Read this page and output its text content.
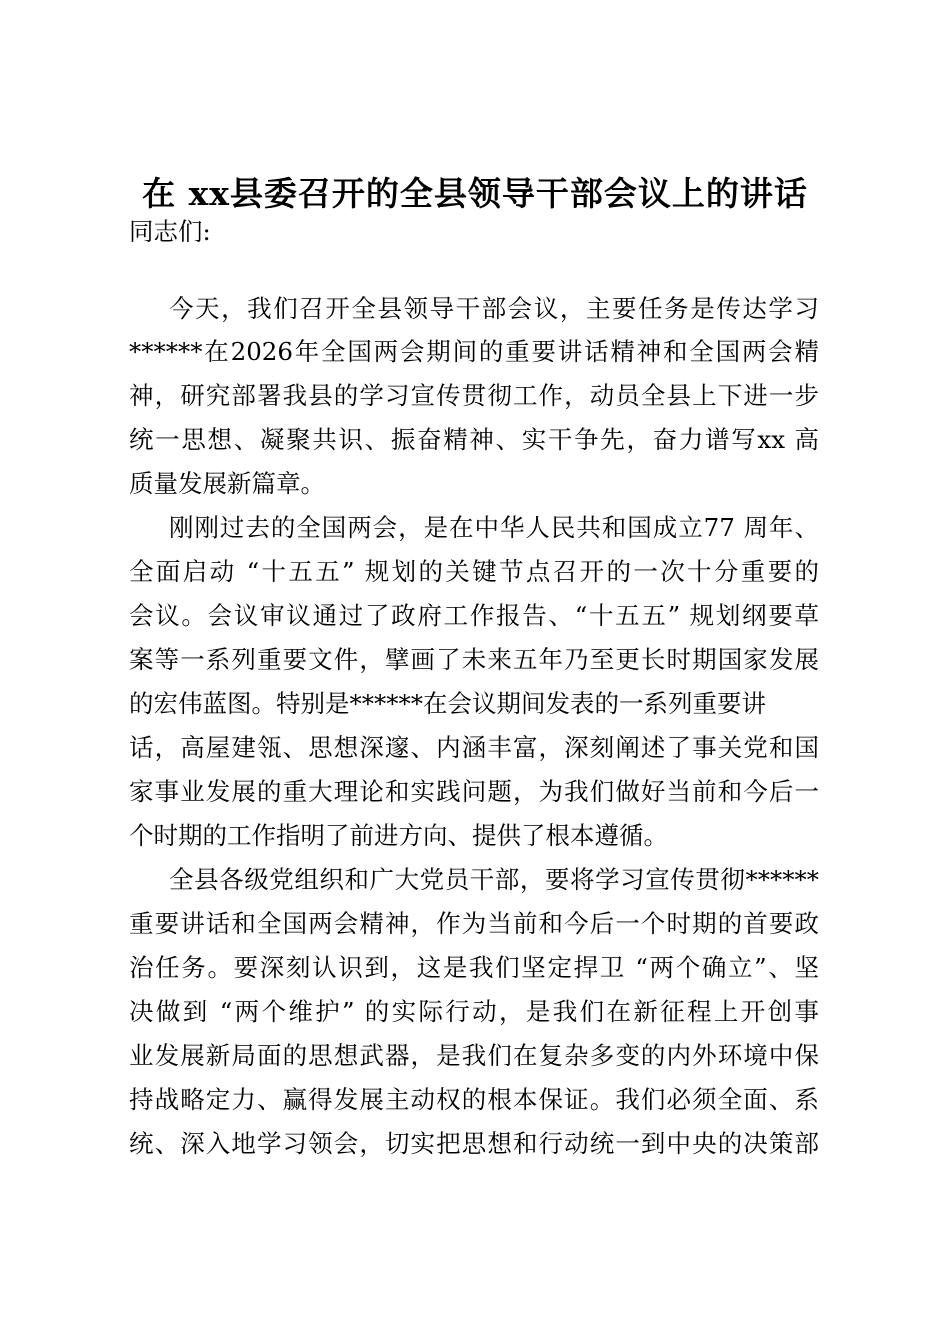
在 xx县委召开的全县领导干部会议上的讲话
同志们:
今天，我们召开全县领导干部会议，主要任务是传达学习
******在2026年全国两会期间的重要讲话精神和全国两会精
神，研究部署我县的学习宣传贯彻工作，动员全县上下进一步
统一思想、凝聚共识、振奋精神、实干争先，奋力谱写xx 高
质量发展新篇章。
刚刚过去的全国两会，是在中华人民共和国成立77 周年、
全面启动 “十五五” 规划的关键节点召开的一次十分重要的
会议。会议审议通过了政府工作报告、“十五五” 规划纲要草
案等一系列重要文件，擘画了未来五年乃至更长时期国家发展
的宏伟蓝图。特别是******在会议期间发表的一系列重要讲
话，高屋建瓴、思想深邃、内涵丰富，深刻阐述了事关党和国
家事业发展的重大理论和实践问题，为我们做好当前和今后一
个时期的工作指明了前进方向、提供了根本遵循。
全县各级党组织和广大党员干部，要将学习宣传贯彻******
重要讲话和全国两会精神，作为当前和今后一个时期的首要政
治任务。要深刻认识到，这是我们坚定捍卫 “两个确立”、坚
决做到 “两个维护” 的实际行动，是我们在新征程上开创事
业发展新局面的思想武器，是我们在复杂多变的内外环境中保
持战略定力、赢得发展主动权的根本保证。我们必须全面、系
统、深入地学习领会，切实把思想和行动统一到中央的决策部
